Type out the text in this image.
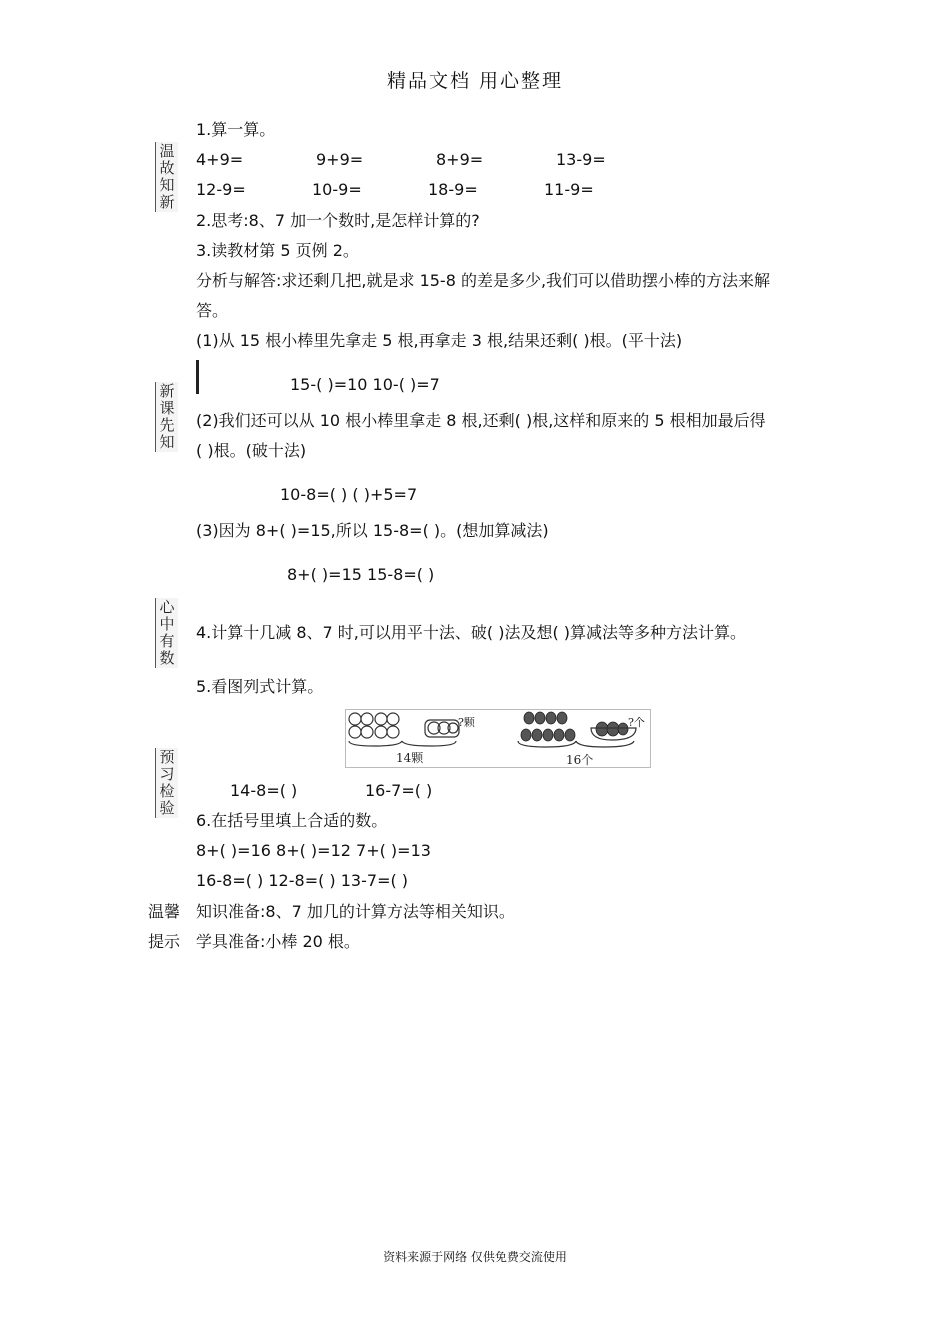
精品文档 用心整理
温
故
知
新
新
课
先
知
心
中
有
数
预
习
检
验
1.算一算。
4+9=	9+9=	8+9=	13-9=
12-9=	10-9=	18-9=	11-9=
2.思考:8、7 加一个数时,是怎样计算的?
3.读教材第 5 页例 2。
分析与解答:求还剩几把,就是求 15-8 的差是多少,我们可以借助摆小棒的方法来解
答。
(1)从 15 根小棒里先拿走 5 根,再拿走 3 根,结果还剩( )根。(平十法)
15-( )=10 10-( )=7
(2)我们还可以从 10 根小棒里拿走 8 根,还剩( )根,这样和原来的 5 根相加最后得
( )根。(破十法)
10-8=( ) ( )+5=7
(3)因为 8+( )=15,所以 15-8=( )。(想加算减法)
8+( )=15 15-8=( )
4.计算十几减 8、7 时,可以用平十法、破( )法及想( )算减法等多种方法计算。
5.看图列式计算。
?颗
14颗
?个
16个
14-8=( )	16-7=( )
6.在括号里填上合适的数。
8+( )=16 8+( )=12 7+( )=13
16-8=( ) 12-8=( ) 13-7=( )
温馨
提示
知识准备:8、7 加几的计算方法等相关知识。
学具准备:小棒 20 根。
资料来源于网络 仅供免费交流使用
